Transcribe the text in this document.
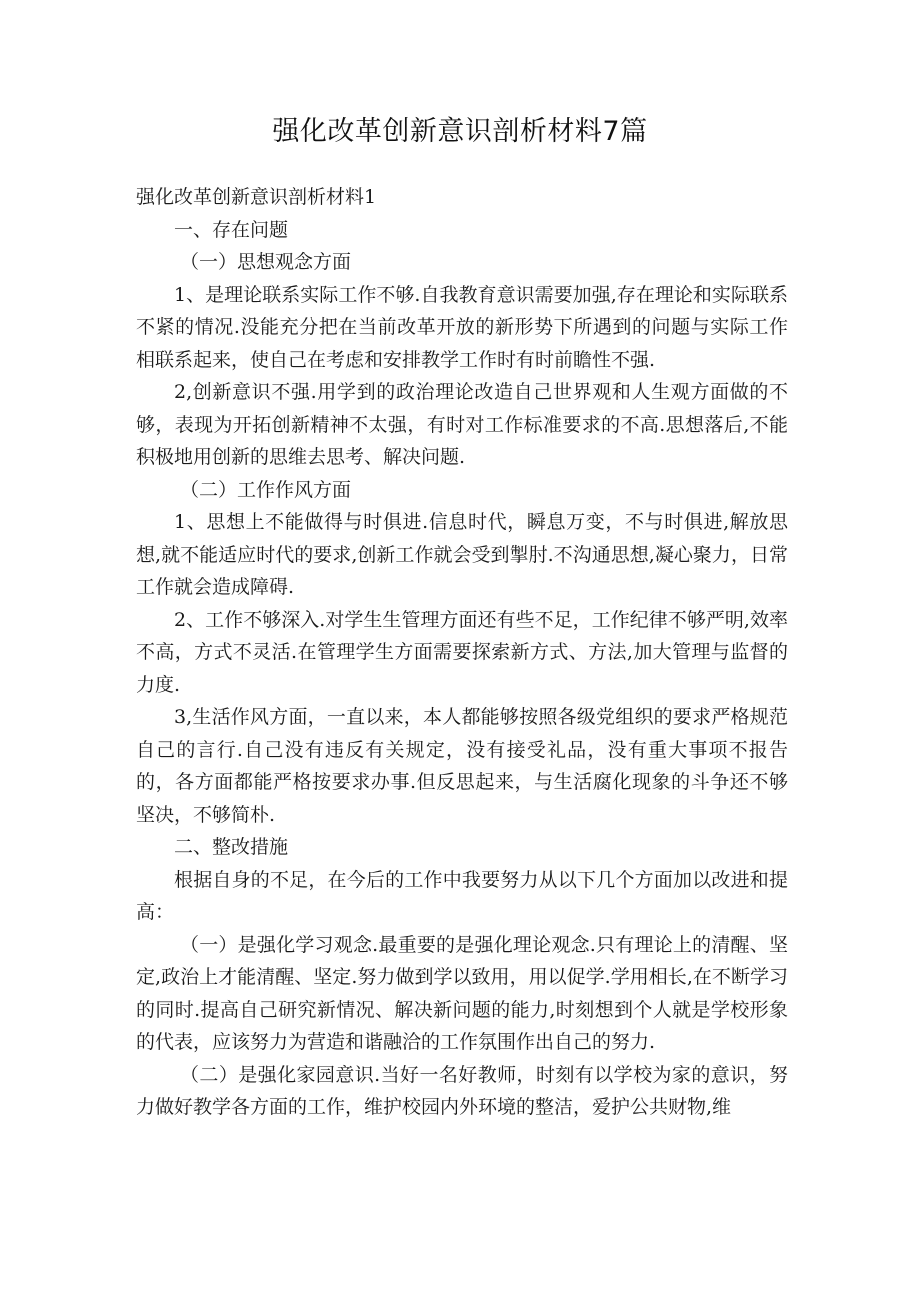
强化改革创新意识剖析材料7篇

强化改革创新意识剖析材料1

一、存在问题

（一）思想观念方面

1、是理论联系实际工作不够.自我教育意识需要加强,存在理论和实际联系不紧的情况.没能充分把在当前改革开放的新形势下所遇到的问题与实际工作相联系起来，使自己在考虑和安排教学工作时有时前瞻性不强.

2,创新意识不强.用学到的政治理论改造自己世界观和人生观方面做的不够，表现为开拓创新精神不太强，有时对工作标准要求的不高.思想落后,不能积极地用创新的思维去思考、解决问题.

（二）工作作风方面

1、思想上不能做得与时俱进.信息时代，瞬息万变，不与时俱进,解放思想,就不能适应时代的要求,创新工作就会受到掣肘.不沟通思想,凝心聚力，日常工作就会造成障碍.

2、工作不够深入.对学生生管理方面还有些不足，工作纪律不够严明,效率不高，方式不灵活.在管理学生方面需要探索新方式、方法,加大管理与监督的力度.

3,生活作风方面，一直以来，本人都能够按照各级党组织的要求严格规范自己的言行.自己没有违反有关规定，没有接受礼品，没有重大事项不报告的，各方面都能严格按要求办事.但反思起来，与生活腐化现象的斗争还不够坚决，不够简朴.

二、整改措施

根据自身的不足，在今后的工作中我要努力从以下几个方面加以改进和提高：

（一）是强化学习观念.最重要的是强化理论观念.只有理论上的清醒、坚定,政治上才能清醒、坚定.努力做到学以致用，用以促学.学用相长,在不断学习的同时.提高自己研究新情况、解决新问题的能力,时刻想到个人就是学校形象的代表，应该努力为营造和谐融洽的工作氛围作出自己的努力.

（二）是强化家园意识.当好一名好教师，时刻有以学校为家的意识，努力做好教学各方面的工作，维护校园内外环境的整洁，爱护公共财物,维
